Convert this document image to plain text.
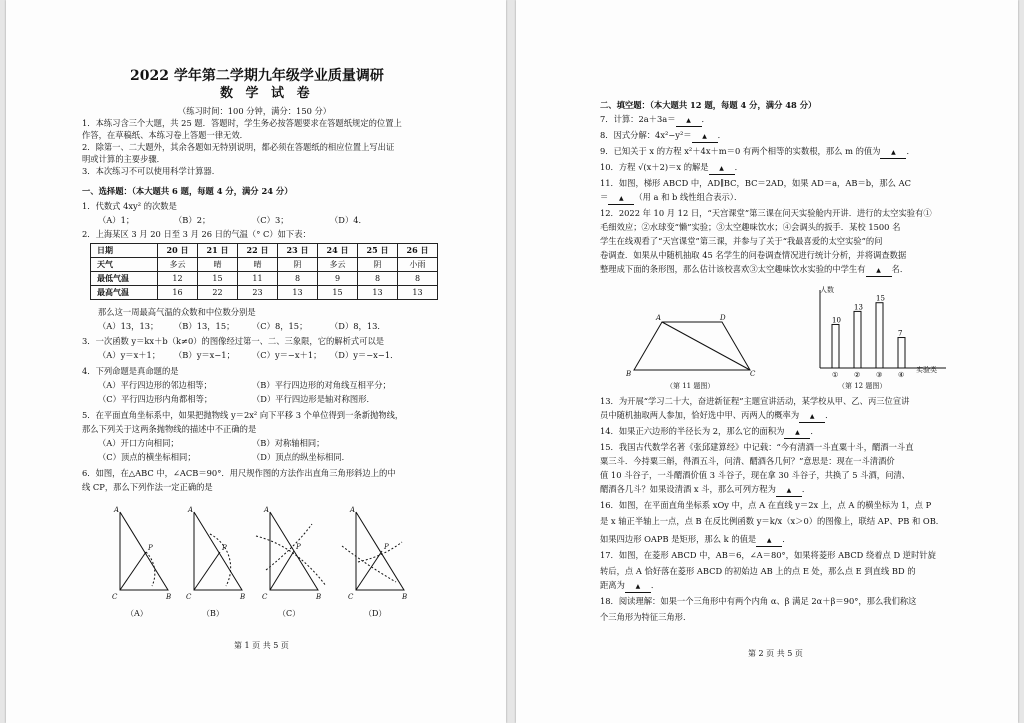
2022 学年第二学期九年级学业质量调研
数 学 试 卷
（练习时间：100 分钟，满分：150 分）
1．本练习含三个大题，共 25 题．答题时，学生务必按答题要求在答题纸规定的位置上
作答，在草稿纸、本练习卷上答题一律无效．
2．除第一、二大题外，其余各题如无特别说明，都必须在答题纸的相应位置上写出证
明或计算的主要步骤．
3．本次练习不可以使用科学计算器．
一、选择题：（本大题共 6 题，每题 4 分，满分 24 分）
1．代数式 4xy² 的次数是
（A）1；	（B）2；	（C）3；	（D）4．
2．上海某区 3 月 20 日至 3 月 26 日的气温（° C）如下表：
日期	20 日	21 日	22 日	23 日	24 日	25 日	26 日
天气	多云	晴	晴	阴	多云	阴	小雨
最低气温	12	15	11	8	9	8	8
最高气温	16	22	23	13	15	13	13
那么这一周最高气温的众数和中位数分别是
（A）13，13； （B）13，15； （C）8，15；	（D）8，13．
3．一次函数 y＝kx＋b（k≠0）的图像经过第一、二、三象限，它的解析式可以是
（A）y＝x＋1； （B）y＝x−1； （C）y＝−x＋1； （D）y＝−x−1．
4．下列命题是真命题的是
（A）平行四边形的邻边相等；	（B）平行四边形的对角线互相平分；
（C）平行四边形内角都相等；	（D）平行四边形是轴对称图形．
5．在平面直角坐标系中，如果把抛物线 y＝2x² 向下平移 3 个单位得到一条新抛物线，
那么下列关于这两条抛物线的描述中不正确的是
（A）开口方向相同；	（B）对称轴相同；
（C）顶点的横坐标相同；	（D）顶点的纵坐标相同．
6．如图，在△ABC 中，∠ACB＝90°．用尺规作图的方法作出直角三角形斜边上的中
线 CP，那么下列作法一定正确的是
A
C	B
P
A
C	B
P
A
C	B
P
A
C	B
P
（A）	（B）	（C）	（D）
第 1 页 共 5 页
二、填空题：（本大题共 12 题，每题 4 分，满分 48 分）
7．计算：2a＋3a＝ ▲ ．
8．因式分解：4x²−y²＝ ▲ ．
9．已知关于 x 的方程 x²＋4x＋m＝0 有两个相等的实数根，那么 m 的值为 ▲ ．
10．方程 √(x＋2)＝x 的解是 ▲ ．
11．如图，梯形 ABCD 中，AD∥BC，BC＝2AD，如果 AD＝a，AB＝b，那么 AC
＝ ▲ （用 a 和 b 线性组合表示）．
12．2022 年 10 月 12 日，“天宫课堂”第三课在问天实验舱内开讲．进行的太空实验有①
毛细效应；②水球变“懒”实验；③太空趣味饮水；④会调头的扳手．某校 1500 名
学生在线观看了“天宫课堂”第三课，并参与了关于“我最喜爱的太空实验”的问
卷调查．如果从中随机抽取 45 名学生的问卷调查情况进行统计分析，并将调查数据
整理成下面的条形图，那么估计该校喜欢③太空趣味饮水实验的中学生有 ▲ 名．
A	D
B	C
（第 11 题图）
人数
实验类
10
①
13
②
15
③
7
④
（第 12 题图）
13．为开展“学习二十大，奋进新征程”主题宣讲活动，某学校从甲、乙、丙三位宣讲
员中随机抽取两人参加，恰好选中甲、丙两人的概率为 ▲ ．
14．如果正六边形的半径长为 2，那么它的面积为 ▲ ．
15．我国古代数学名著《张邱建算经》中记载：“今有清酒一斗直粟十斗，醑酒一斗直
粟三斗．今持粟三斛，得酒五斗，问清、醑酒各几何？”意思是：现在一斗清酒价
值 10 斗谷子，一斗醑酒价值 3 斗谷子，现在拿 30 斗谷子，共换了 5 斗酒，问清、
醑酒各几斗？如果设清酒 x 斗，那么可列方程为 ▲ ．
16．如图，在平面直角坐标系 xOy 中，点 A 在直线 y＝2x 上，点 A 的横坐标为 1，点 P
是 x 轴正半轴上一点，点 B 在反比例函数 y＝k/x（x＞0）的图像上，联结 AP、PB 和 OB．
如果四边形 OAPB 是矩形，那么 k 的值是 ▲ ．
17．如图，在菱形 ABCD 中，AB＝6，∠A＝80°，如果将菱形 ABCD 绕着点 D 逆时针旋
转后，点 A 恰好落在菱形 ABCD 的初始边 AB 上的点 E 处，那么点 E 到直线 BD 的
距离为 ▲ ．
18．阅读理解：如果一个三角形中有两个内角 α、β 满足 2α＋β＝90°，那么我们称这
个三角形为特征三角形．
第 2 页 共 5 页
